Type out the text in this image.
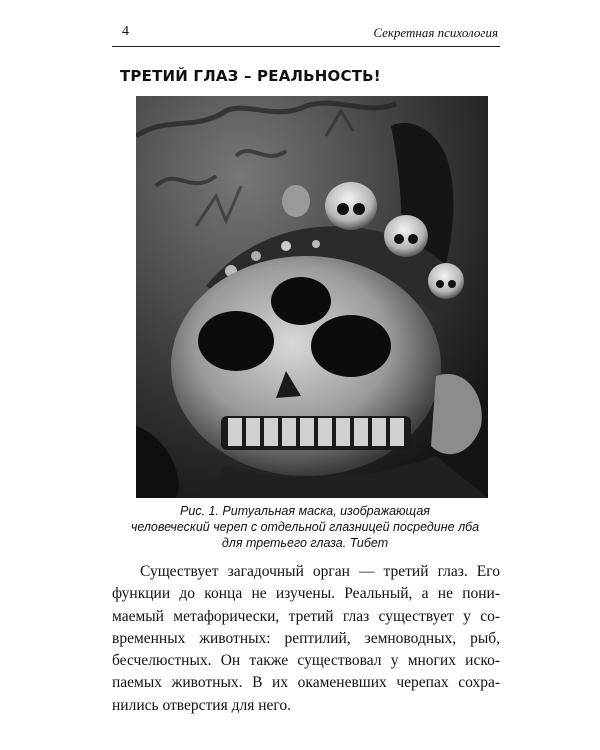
4	Секретная психология
ТРЕТИЙ ГЛАЗ – РЕАЛЬНОСТЬ!
Рис. 1. Ритуальная маска, изображающая
человеческий череп с отдельной глазницей посредине лба
для третьего глаза. Тибет
Существует загадочный орган — третий глаз. Его
функции до конца не изучены. Реальный, а не пони-
маемый метафорически, третий глаз существует у со-
временных животных: рептилий, земноводных, рыб,
бесчелюстных. Он также существовал у многих иско-
паемых животных. В их окаменевших черепах сохра-
нились отверстия для него.
